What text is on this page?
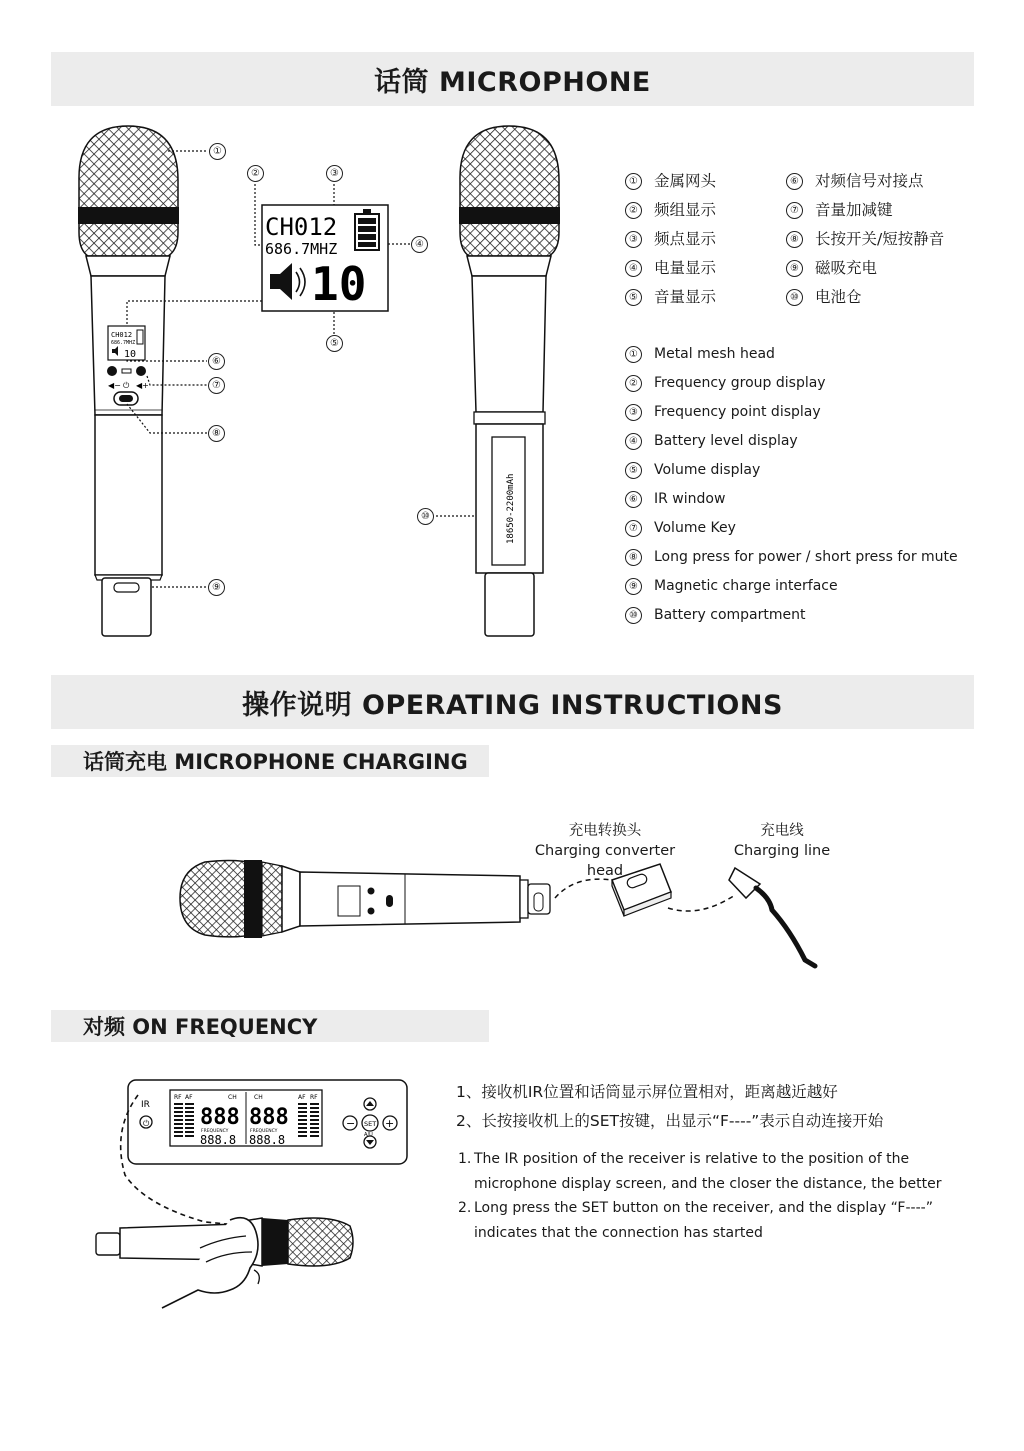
话筒 MICROPHONE
CH012
686.7MHZ
10
◀− ⏻ ◀+
CH012
686.7MHZ
10
18650-2200mAh
⏻
IR
RF AF	CH	CH	AF RF
888 888
FREQUENCY	FREQUENCY
888.8 888.8
−	+
SET
A/U
①
②	③
④
⑤
⑥
⑦
⑧
⑨
⑩
① 金属网头
② 频组显示
③ 频点显示
④ 电量显示
⑤ 音量显示
⑥ 对频信号对接点
⑦ 音量加减键
⑧ 长按开关/短按静音
⑨ 磁吸充电
⑩ 电池仓
① Metal mesh head
② Frequency group display
③ Frequency point display
④ Battery level display
⑤ Volume display
⑥ IR window
⑦ Volume Key
⑧ Long press for power / short press for mute
⑨ Magnetic charge interface
⑩ Battery compartment
操作说明 OPERATING INSTRUCTIONS
话筒充电 MICROPHONE CHARGING
充电转换头
Charging converter head
充电线
Charging line
对频 ON FREQUENCY
1、接收机IR位置和话筒显示屏位置相对，距离越近越好
2、长按接收机上的SET按键，出显示“F----”表示自动连接开始
1. The IR position of the receiver is relative to the position of the microphone display screen, and the closer the distance, the better
2. Long press the SET button on the receiver, and the display “F----” indicates that the connection has started
